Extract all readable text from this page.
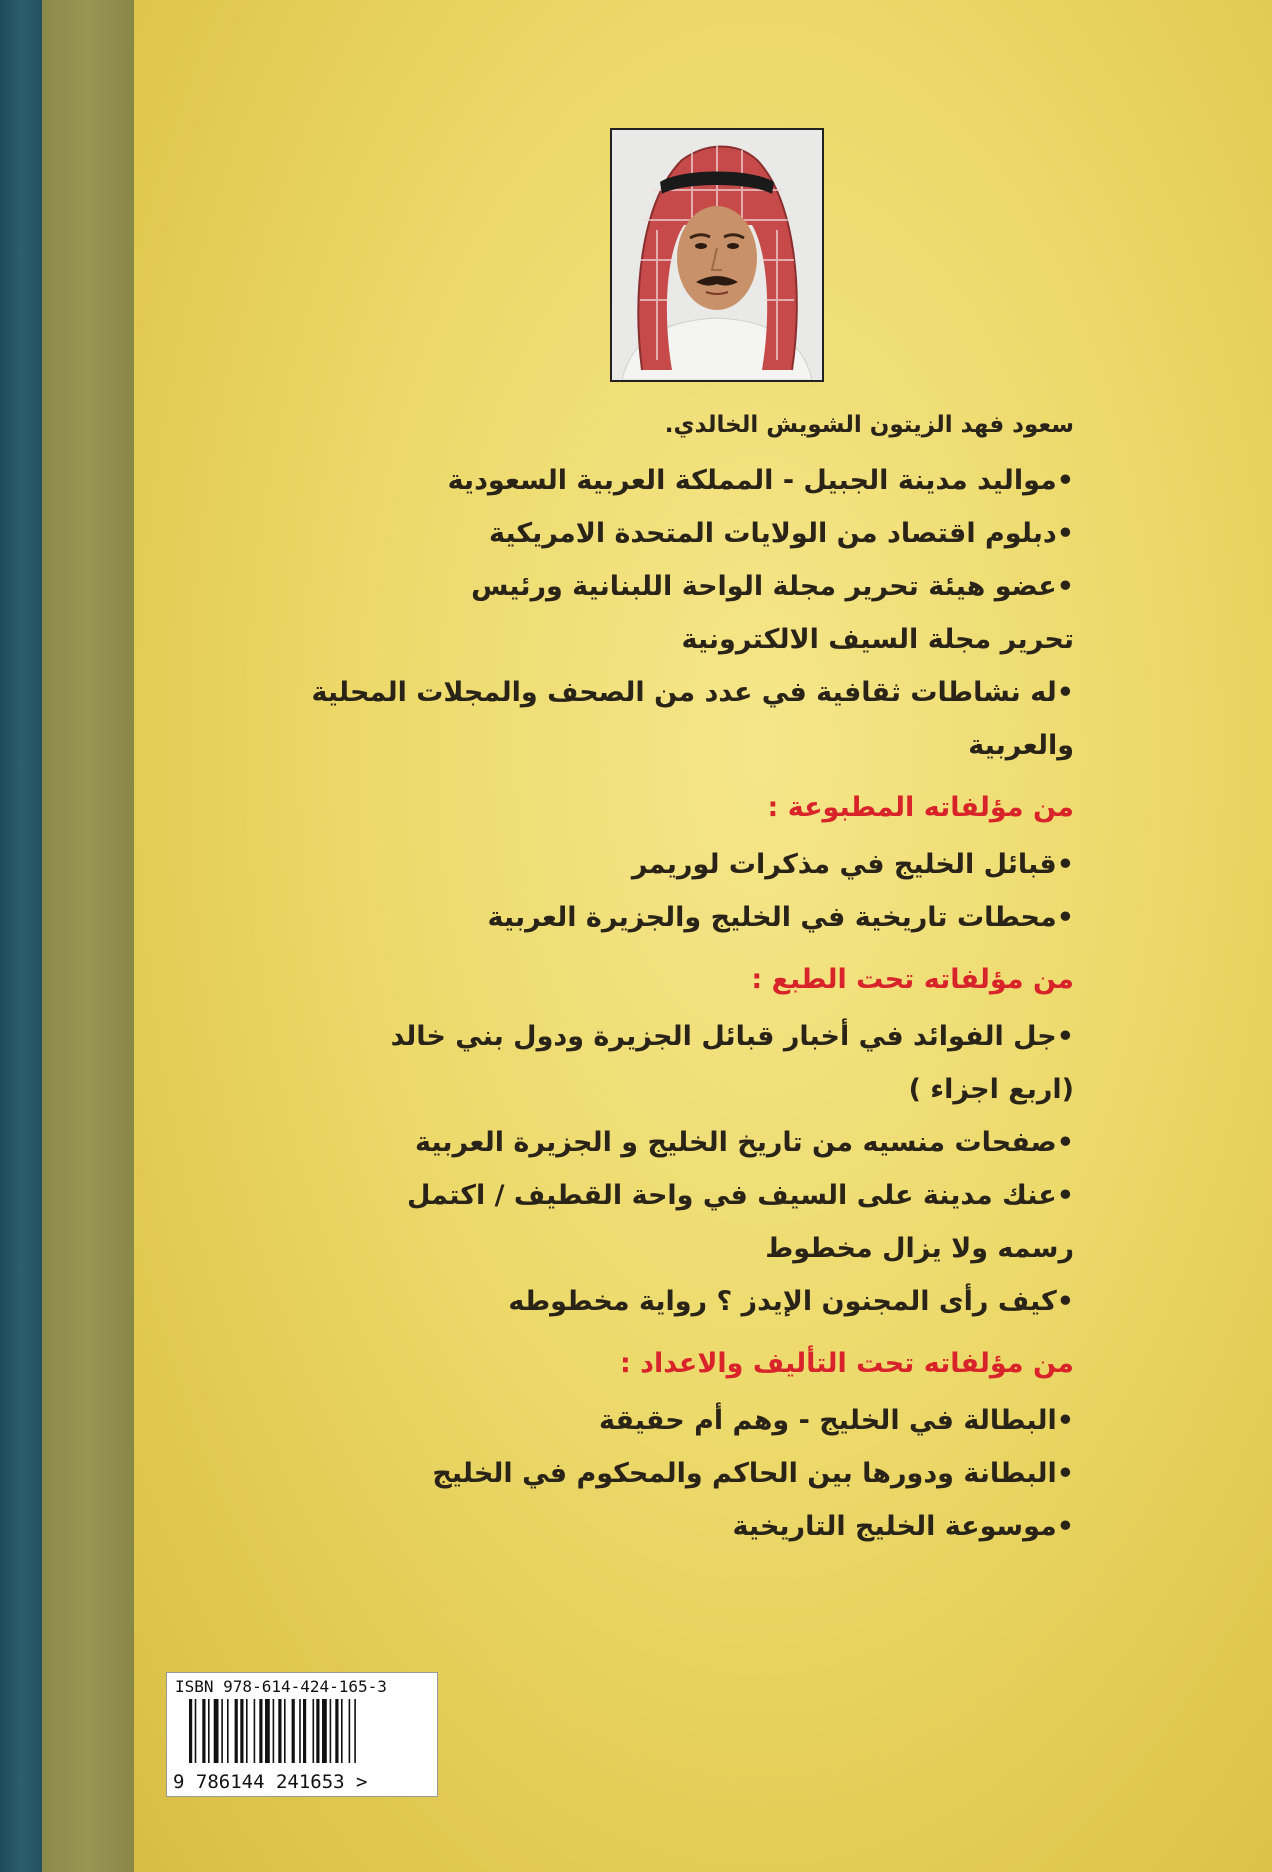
سعود فهد الزيتون الشويش الخالدي.

•مواليد مدينة الجبيل - المملكة العربية السعودية

•دبلوم اقتصاد من الولايات المتحدة الامريكية

•عضو هيئة تحرير مجلة الواحة اللبنانية ورئيس

تحرير مجلة السيف الالكترونية

•له نشاطات ثقافية في عدد من الصحف والمجلات المحلية

والعربية

من مؤلفاته المطبوعة :

•قبائل الخليج في مذكرات لوريمر

•محطات تاريخية في الخليج والجزيرة العربية

من مؤلفاته تحت الطبع :

•جل الفوائد في أخبار قبائل الجزيرة ودول بني خالد

(اربع اجزاء )

•صفحات منسيه من تاريخ الخليج و الجزيرة العربية

•عنك مدينة على السيف في واحة القطيف / اكتمل

رسمه ولا يزال مخطوط

•كيف رأى المجنون الإيدز ؟ رواية مخطوطه

من مؤلفاته تحت التأليف والاعداد :

•البطالة في الخليج - وهم أم حقيقة

•البطانة ودورها بين الحاكم والمحكوم في الخليج

•موسوعة الخليج التاريخية

ISBN 978-614-424-165-3
9 786144 241653 >
